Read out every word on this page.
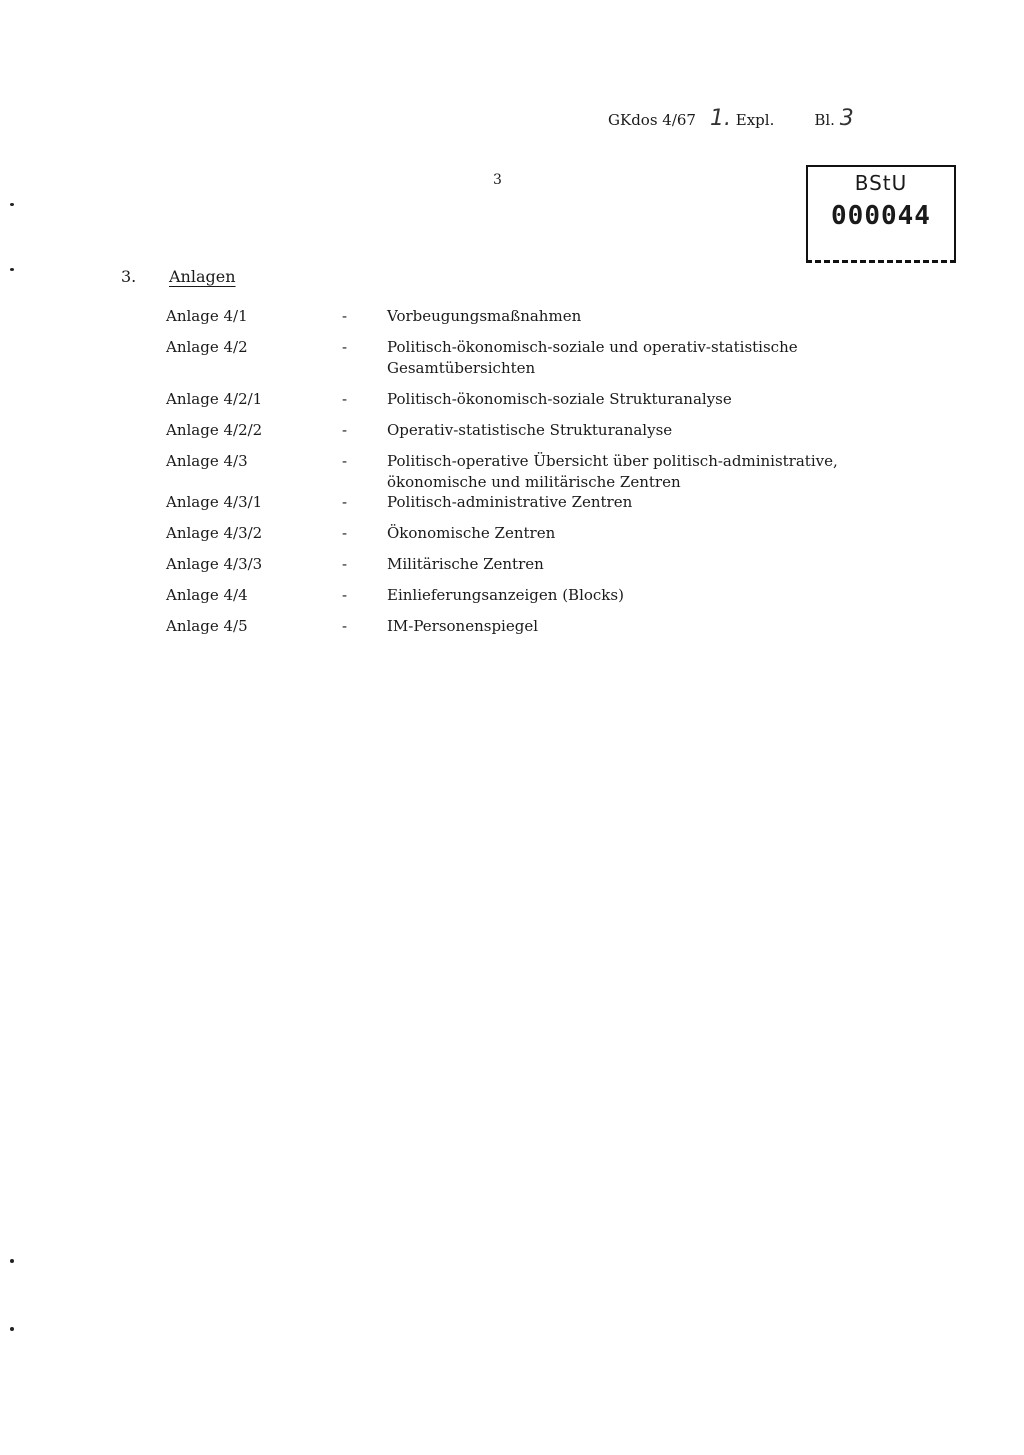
GKdos 4/67 1. Expl.	Bl. 3
3	BStU
000044
3. Anlagen
Anlage 4/1	-	Vorbeugungsmaßnahmen
Anlage 4/2	-	Politisch-ökonomisch-soziale und operativ-statistische Gesamtübersichten
Anlage 4/2/1	-	Politisch-ökonomisch-soziale Strukturanalyse
Anlage 4/2/2	-	Operativ-statistische Strukturanalyse
Anlage 4/3	-	Politisch-operative Übersicht über politisch-administrative, ökonomische und militärische Zentren
Anlage 4/3/1	-	Politisch-administrative Zentren
Anlage 4/3/2	-	Ökonomische Zentren
Anlage 4/3/3	-	Militärische Zentren
Anlage 4/4	-	Einlieferungsanzeigen (Blocks)
Anlage 4/5	-	IM-Personenspiegel
